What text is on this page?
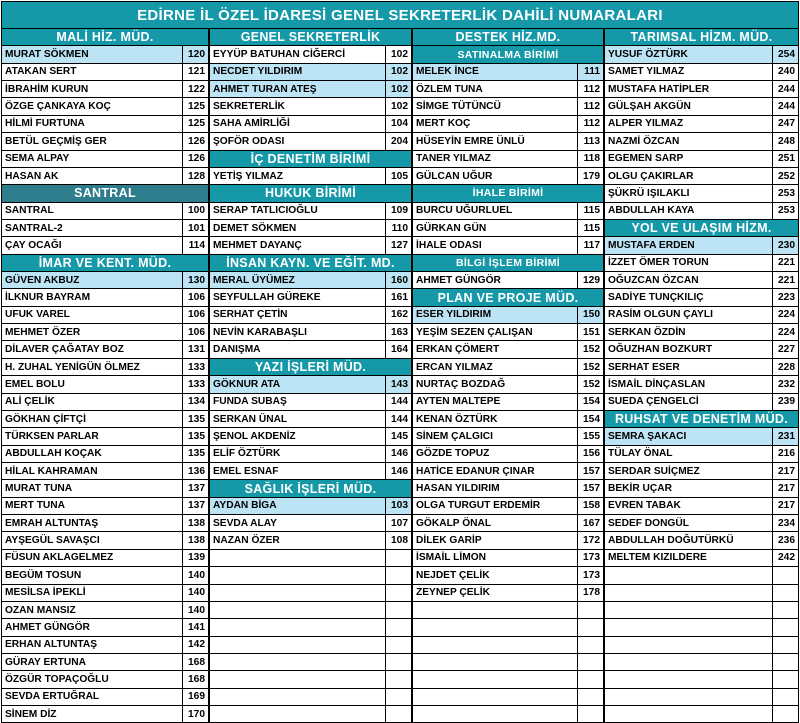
EDİRNE İL ÖZEL İDARESİ GENEL SEKRETERLİK DAHİLİ NUMARALARI
MALİ HİZ. MÜD.
MURAT SÖKMEN	120
ATAKAN SERT	121
İBRAHİM KURUN	122
ÖZGE ÇANKAYA KOÇ	125
HİLMİ FURTUNA	125
BETÜL GEÇMİŞ GER	126
SEMA ALPAY	126
HASAN AK	128
SANTRAL
SANTRAL	100
SANTRAL-2	101
ÇAY OCAĞI	114
İMAR VE KENT. MÜD.
GÜVEN AKBUZ	130
İLKNUR BAYRAM	106
UFUK VAREL	106
MEHMET ÖZER	106
DİLAVER ÇAĞATAY BOZ	131
H. ZUHAL YENİGÜN ÖLMEZ	133
EMEL BOLU	133
ALİ ÇELİK	134
GÖKHAN ÇİFTÇİ	135
TÜRKSEN PARLAR	135
ABDULLAH KOÇAK	135
HİLAL KAHRAMAN	136
MURAT TUNA	137
MERT TUNA	137
EMRAH ALTUNTAŞ	138
AYŞEGÜL SAVAŞCI	138
FÜSUN AKLAGELMEZ	139
BEGÜM TOSUN	140
MESİLSA İPEKLİ	140
OZAN MANSIZ	140
AHMET GÜNGÖR	141
ERHAN ALTUNTAŞ	142
GÜRAY ERTUNA	168
ÖZGÜR TOPAÇOĞLU	168
SEVDA ERTUĞRAL	169
SİNEM DİZ	170
GENEL SEKRETERLİK
EYYÜP BATUHAN CİĞERCİ	102
NECDET YILDIRIM	102
AHMET TURAN ATEŞ	102
SEKRETERLİK	102
SAHA AMİRLİĞİ	104
ŞOFÖR ODASI	204
İÇ DENETİM BİRİMİ
YETİŞ YILMAZ	105
HUKUK BİRİMİ
SERAP TATLICIOĞLU	109
DEMET SÖKMEN	110
MEHMET DAYANÇ	127
İNSAN KAYN. VE EĞİT. MD.
MERAL ÜYÜMEZ	160
SEYFULLAH GÜREKE	161
SERHAT ÇETİN	162
NEVİN KARABAŞLI	163
DANIŞMA	164
YAZI İŞLERİ MÜD.
GÖKNUR ATA	143
FUNDA SUBAŞ	144
SERKAN ÜNAL	144
ŞENOL AKDENİZ	145
ELİF ÖZTÜRK	146
EMEL ESNAF	146
SAĞLIK İŞLERİ MÜD.
AYDAN BİGA	103
SEVDA ALAY	107
NAZAN ÖZER	108
DESTEK HİZ.MD.
SATINALMA BİRİMİ
MELEK İNCE	111
ÖZLEM TUNA	112
SİMGE TÜTÜNCÜ	112
MERT KOÇ	112
HÜSEYİN EMRE ÜNLÜ	113
TANER YILMAZ	118
GÜLCAN UĞUR	179
İHALE BİRİMİ
BURCU UĞURLUEL	115
GÜRKAN GÜN	115
İHALE ODASI	117
BİLGİ İŞLEM BİRİMİ
AHMET GÜNGÖR	129
PLAN VE PROJE MÜD.
ESER YILDIRIM	150
YEŞİM SEZEN ÇALIŞAN	151
ERKAN ÇÖMERT	152
ERCAN YILMAZ	152
NURTAÇ BOZDAĞ	152
AYTEN MALTEPE	154
KENAN ÖZTÜRK	154
SİNEM ÇALGICI	155
GÖZDE TOPUZ	156
HATİCE EDANUR ÇINAR	157
HASAN YILDIRIM	157
OLGA TURGUT ERDEMİR	158
GÖKALP ÖNAL	167
DİLEK GARİP	172
İSMAİL LİMON	173
NEJDET ÇELİK	173
ZEYNEP ÇELİK	178
TARIMSAL HİZM. MÜD.
YUSUF ÖZTÜRK	254
SAMET YILMAZ	240
MUSTAFA HATİPLER	244
GÜLŞAH AKGÜN	244
ALPER YILMAZ	247
NAZMİ ÖZCAN	248
EGEMEN SARP	251
OLGU ÇAKIRLAR	252
ŞÜKRÜ IŞILAKLI	253
ABDULLAH KAYA	253
YOL VE ULAŞIM HİZM.
MUSTAFA ERDEN	230
İZZET ÖMER TORUN	221
OĞUZCAN ÖZCAN	221
SADİYE TUNÇKILIÇ	223
RASİM OLGUN ÇAYLI	224
SERKAN ÖZDİN	224
OĞUZHAN BOZKURT	227
SERHAT ESER	228
İSMAİL DİNÇASLAN	232
SUEDA ÇENGELCİ	239
RUHSAT VE DENETİM MÜD.
SEMRA ŞAKACI	231
TÜLAY ÖNAL	216
SERDAR SUİÇMEZ	217
BEKİR UÇAR	217
EVREN TABAK	217
SEDEF DONGÜL	234
ABDULLAH DOĞUTÜRKÜ	236
MELTEM KIZILDERE	242
